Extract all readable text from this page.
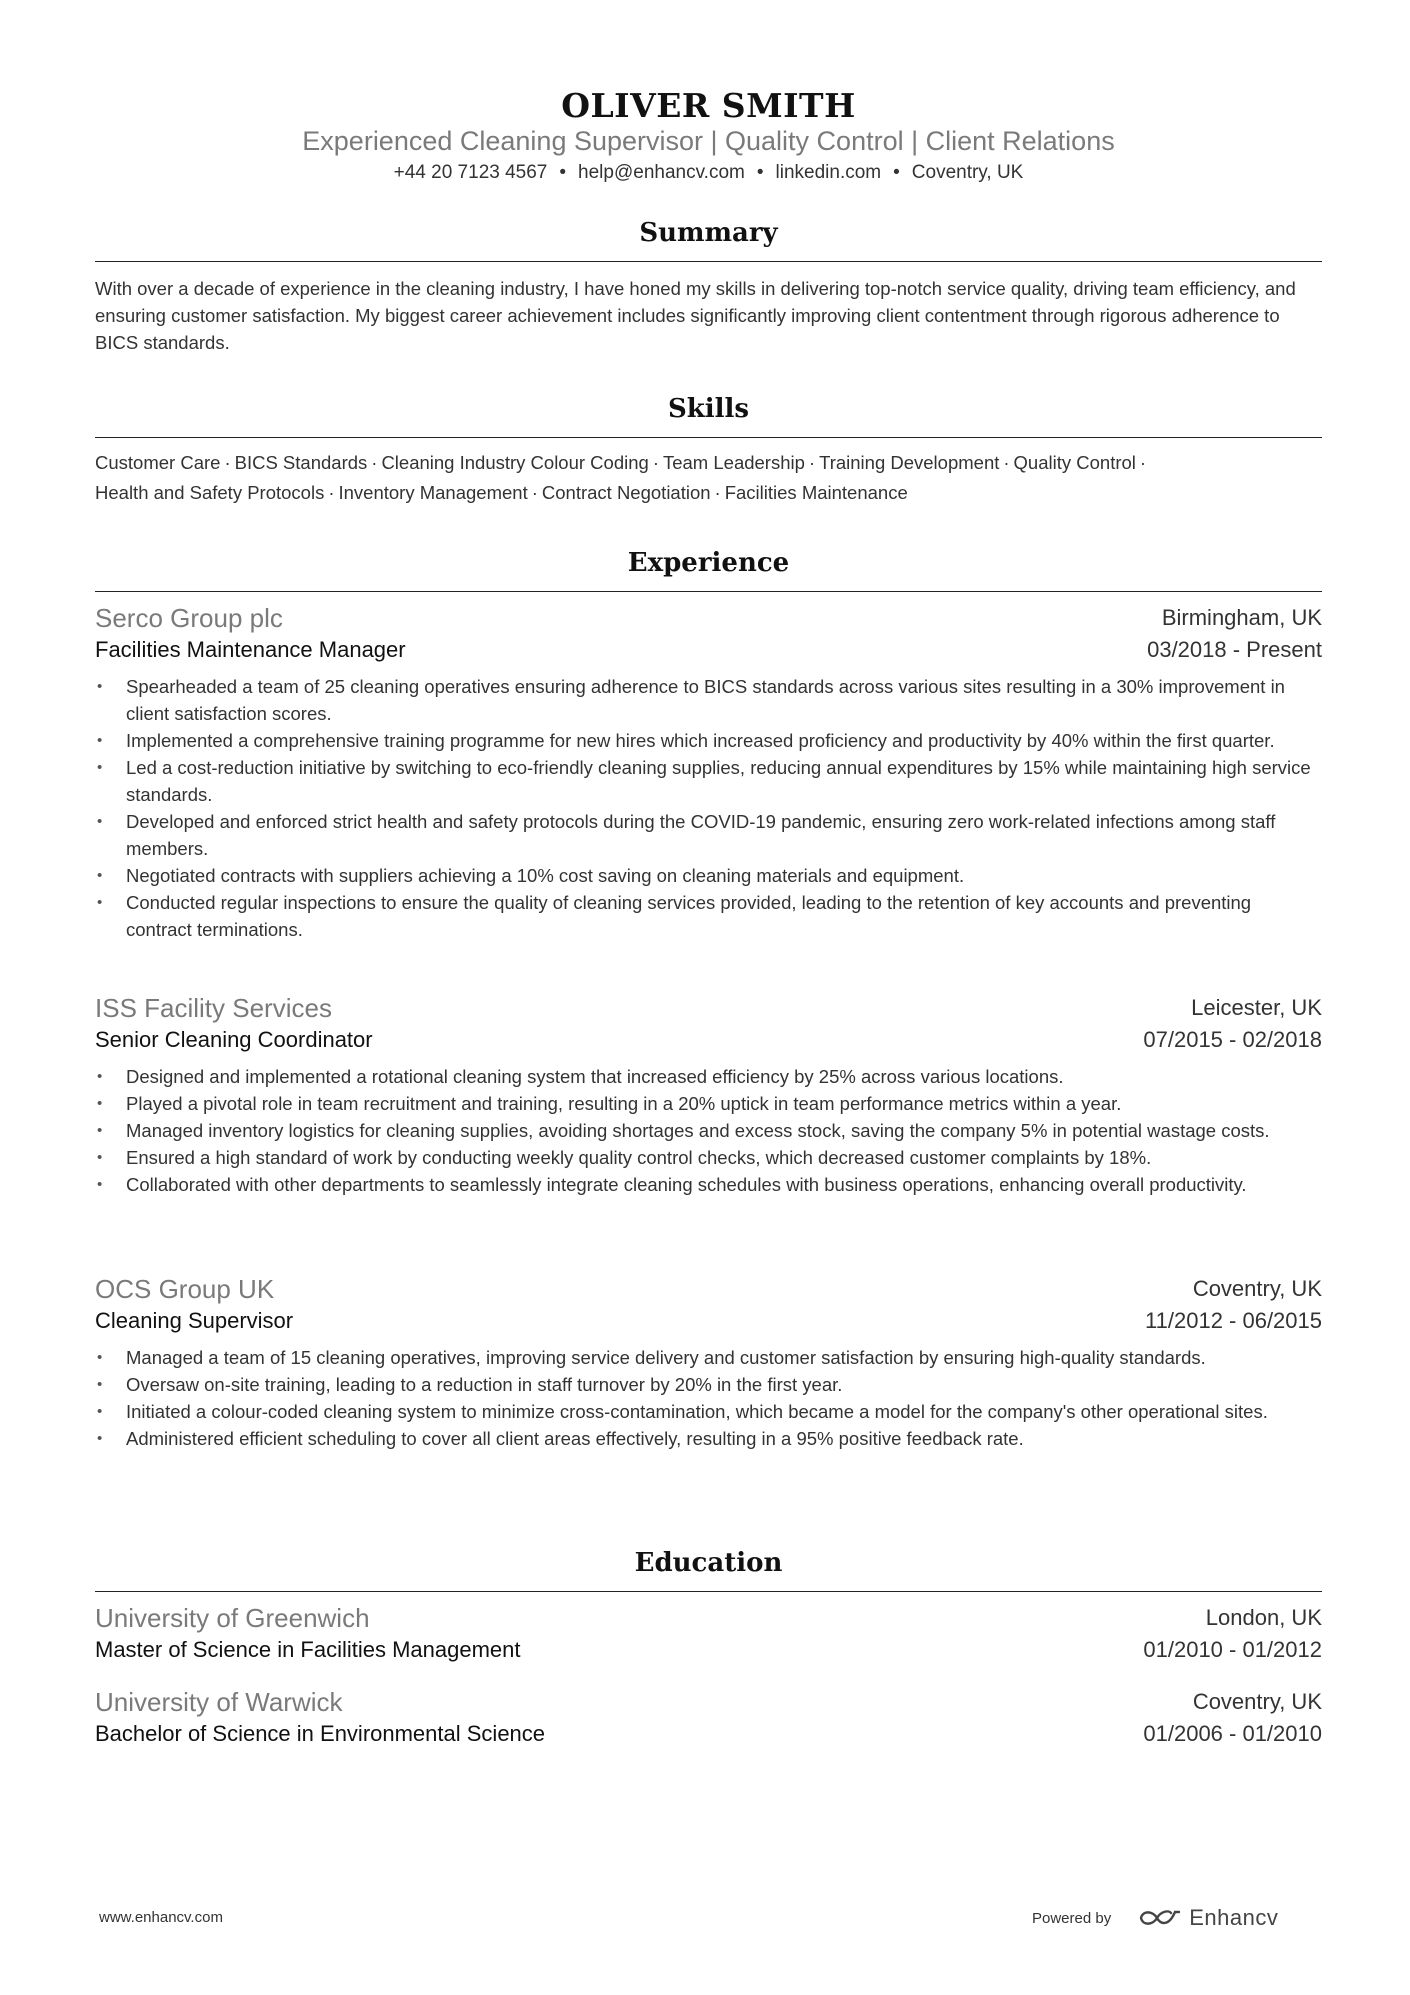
OLIVER SMITH
Experienced Cleaning Supervisor | Quality Control | Client Relations
+44 20 7123 4567 • help@enhancv.com • linkedin.com • Coventry, UK
Summary
With over a decade of experience in the cleaning industry, I have honed my skills in delivering top-notch service quality, driving team efficiency, and ensuring customer satisfaction. My biggest career achievement includes significantly improving client contentment through rigorous adherence to BICS standards.
Skills
Customer Care · BICS Standards · Cleaning Industry Colour Coding · Team Leadership · Training Development · Quality Control ·
Health and Safety Protocols · Inventory Management · Contract Negotiation · Facilities Maintenance
Experience
Serco Group plc	Birmingham, UK
Facilities Maintenance Manager	03/2018 - Present
• Spearheaded a team of 25 cleaning operatives ensuring adherence to BICS standards across various sites resulting in a 30% improvement in client satisfaction scores.
• Implemented a comprehensive training programme for new hires which increased proficiency and productivity by 40% within the first quarter.
• Led a cost-reduction initiative by switching to eco-friendly cleaning supplies, reducing annual expenditures by 15% while maintaining high service standards.
• Developed and enforced strict health and safety protocols during the COVID-19 pandemic, ensuring zero work-related infections among staff members.
• Negotiated contracts with suppliers achieving a 10% cost saving on cleaning materials and equipment.
• Conducted regular inspections to ensure the quality of cleaning services provided, leading to the retention of key accounts and preventing contract terminations.
ISS Facility Services	Leicester, UK
Senior Cleaning Coordinator	07/2015 - 02/2018
• Designed and implemented a rotational cleaning system that increased efficiency by 25% across various locations.
• Played a pivotal role in team recruitment and training, resulting in a 20% uptick in team performance metrics within a year.
• Managed inventory logistics for cleaning supplies, avoiding shortages and excess stock, saving the company 5% in potential wastage costs.
• Ensured a high standard of work by conducting weekly quality control checks, which decreased customer complaints by 18%.
• Collaborated with other departments to seamlessly integrate cleaning schedules with business operations, enhancing overall productivity.
OCS Group UK	Coventry, UK
Cleaning Supervisor	11/2012 - 06/2015
• Managed a team of 15 cleaning operatives, improving service delivery and customer satisfaction by ensuring high-quality standards.
• Oversaw on-site training, leading to a reduction in staff turnover by 20% in the first year.
• Initiated a colour-coded cleaning system to minimize cross-contamination, which became a model for the company's other operational sites.
• Administered efficient scheduling to cover all client areas effectively, resulting in a 95% positive feedback rate.
Education
University of Greenwich	London, UK
Master of Science in Facilities Management	01/2010 - 01/2012
University of Warwick	Coventry, UK
Bachelor of Science in Environmental Science	01/2006 - 01/2010
www.enhancv.com	Powered by	Enhancv
